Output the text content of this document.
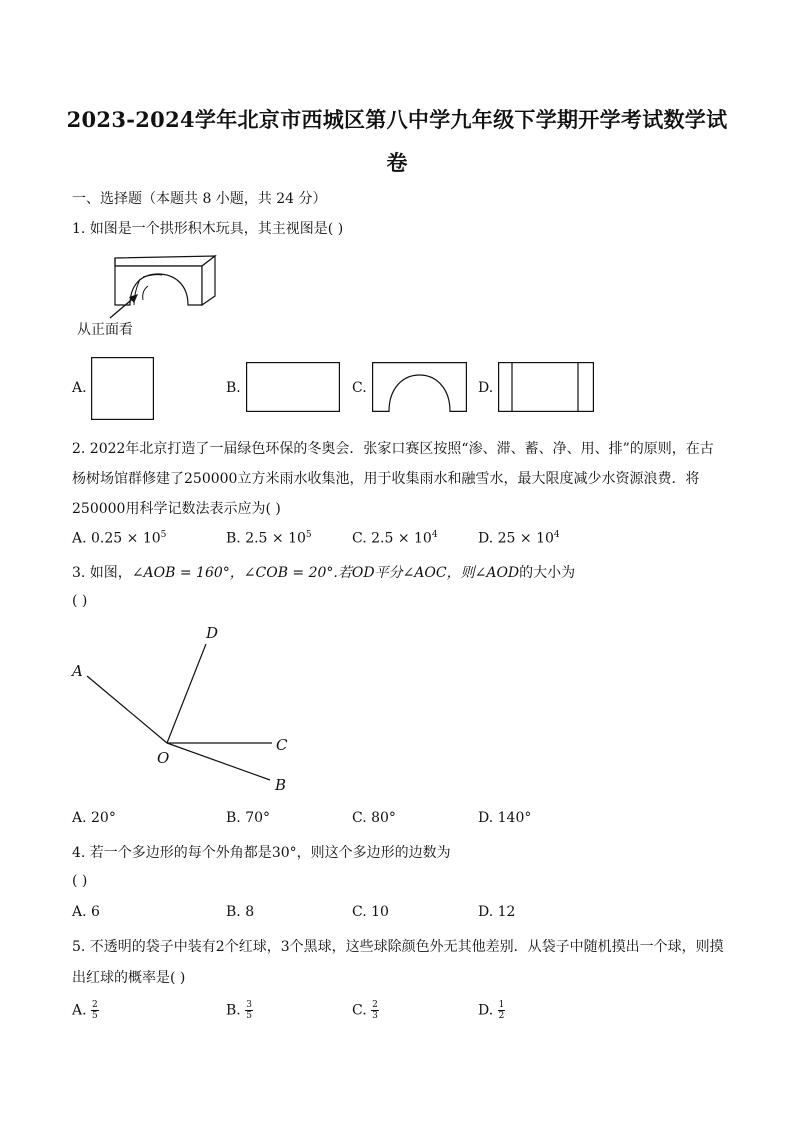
2023-2024学年北京市西城区第八中学九年级下学期开学考试数学试
卷
一、选择题（本题共 8 小题，共 24 分）
1. 如图是一个拱形积木玩具，其主视图是( )
从正面看
A.	B.	C.	D.
2. 2022年北京打造了一届绿色环保的冬奥会．张家口赛区按照“渗、滞、蓄、净、用、排”的原则，在古
杨树场馆群修建了250000立方米雨水收集池，用于收集雨水和融雪水，最大限度减少水资源浪费．将
250000用科学记数法表示应为( )
A. $0.25 \times 10^5$	B. $2.5 \times 10^5$	C. $2.5 \times 10^4$	D. $25 \times 10^4$
3. 如图，∠AOB = 160°，∠COB = 20°.若OD平分∠AOC，则∠AOD的大小为
( )
A
D
C
O
B
A. 20°	B. 70°	C. 80°	D. 140°
4. 若一个多边形的每个外角都是30°，则这个多边形的边数为
( )
A. 6	B. 8	C. 10	D. 12
5. 不透明的袋子中装有2个红球，3个黑球，这些球除颜色外无其他差别．从袋子中随机摸出一个球，则摸
出红球的概率是( )
A. $\frac{2}{5}$	B. $\frac{3}{5}$	C. $\frac{2}{3}$	D. $\frac{1}{2}$
